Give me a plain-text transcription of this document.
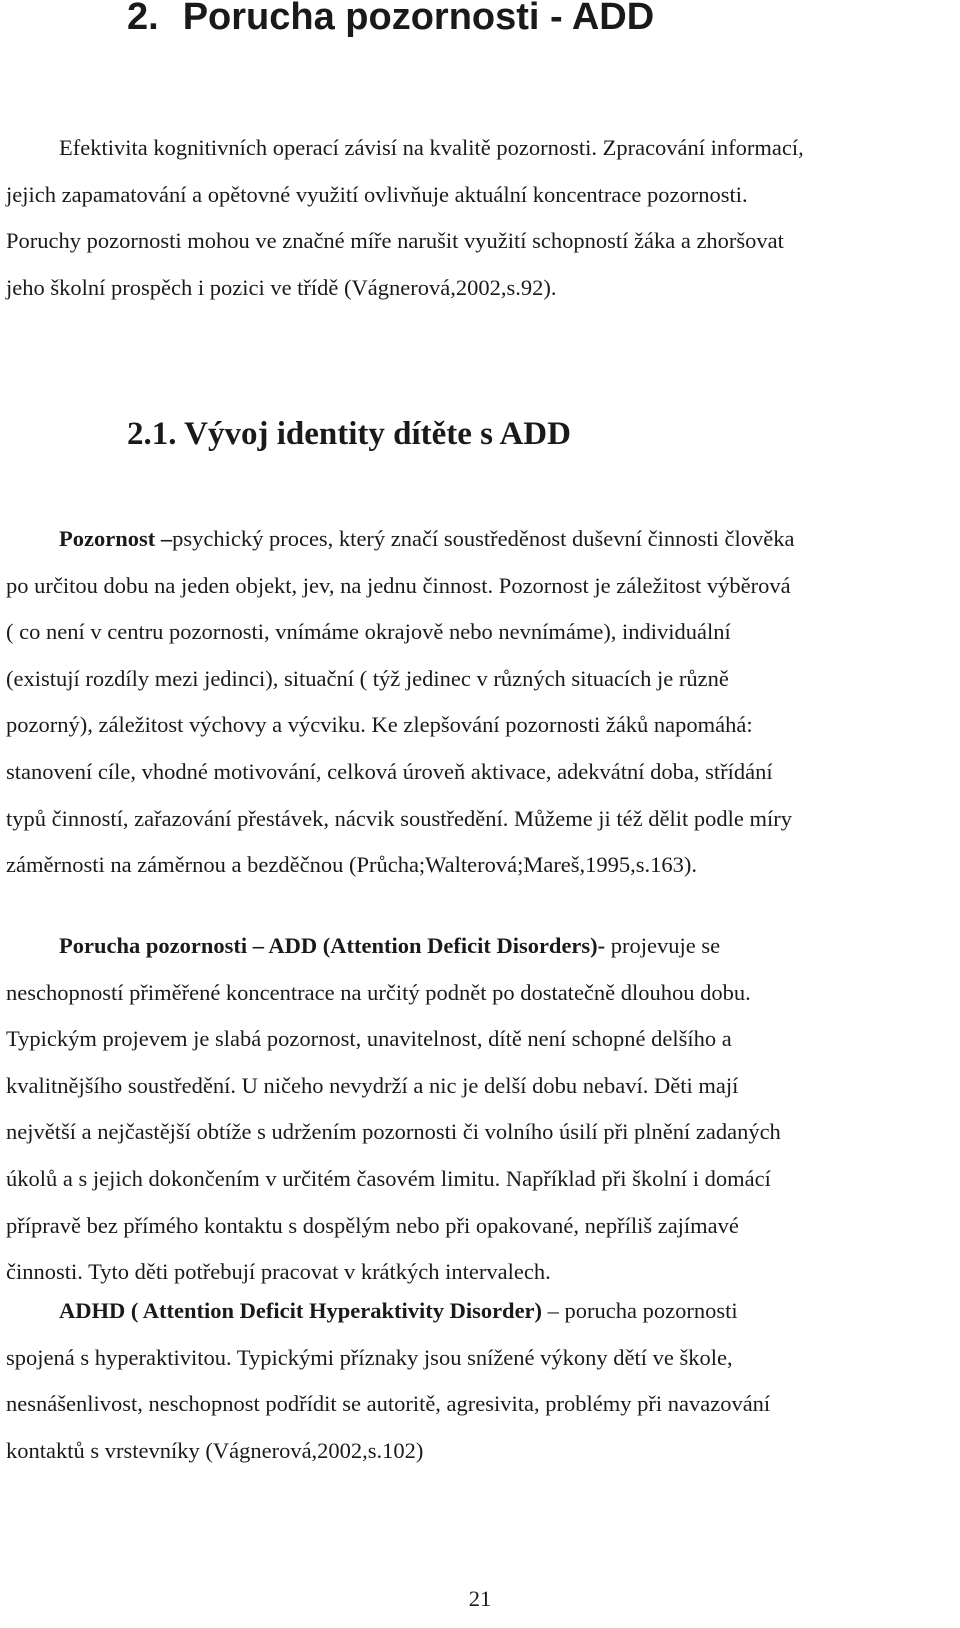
2. Porucha pozornosti - ADD

Efektivita kognitivních operací závisí na kvalitě pozornosti. Zpracování informací,
jejich zapamatování a opětovné využití ovlivňuje aktuální koncentrace pozornosti.
Poruchy pozornosti mohou ve značné míře narušit využití schopností žáka a zhoršovat
jeho školní prospěch i pozici ve třídě (Vágnerová,2002,s.92).

2.1. Vývoj identity dítěte s ADD

Pozornost –psychický proces, který značí soustředěnost duševní činnosti člověka
po určitou dobu na jeden objekt, jev, na jednu činnost. Pozornost je záležitost výběrová
( co není v centru pozornosti, vnímáme okrajově nebo nevnímáme), individuální
(existují rozdíly mezi jedinci), situační ( týž jedinec v různých situacích je různě
pozorný), záležitost výchovy a výcviku. Ke zlepšování pozornosti žáků napomáhá:
stanovení cíle, vhodné motivování, celková úroveň aktivace, adekvátní doba, střídání
typů činností, zařazování přestávek, nácvik soustředění. Můžeme ji též dělit podle míry
záměrnosti na záměrnou a bezděčnou (Průcha;Walterová;Mareš,1995,s.163).

Porucha pozornosti – ADD (Attention Deficit Disorders)- projevuje se
neschopností přiměřené koncentrace na určitý podnět po dostatečně dlouhou dobu.
Typickým projevem je slabá pozornost, unavitelnost, dítě není schopné delšího a
kvalitnějšího soustředění. U ničeho nevydrží a nic je delší dobu nebaví. Děti mají
největší a nejčastější obtíže s udržením pozornosti či volního úsilí při plnění zadaných
úkolů a s jejich dokončením v určitém časovém limitu. Například při školní i domácí
přípravě bez přímého kontaktu s dospělým nebo při opakované, nepříliš zajímavé
činnosti. Tyto děti potřebují pracovat v krátkých intervalech.

ADHD ( Attention Deficit Hyperaktivity Disorder) – porucha pozornosti
spojená s hyperaktivitou. Typickými příznaky jsou snížené výkony dětí ve škole,
nesnášenlivost, neschopnost podřídit se autoritě, agresivita, problémy při navazování
kontaktů s vrstevníky (Vágnerová,2002,s.102)

21
